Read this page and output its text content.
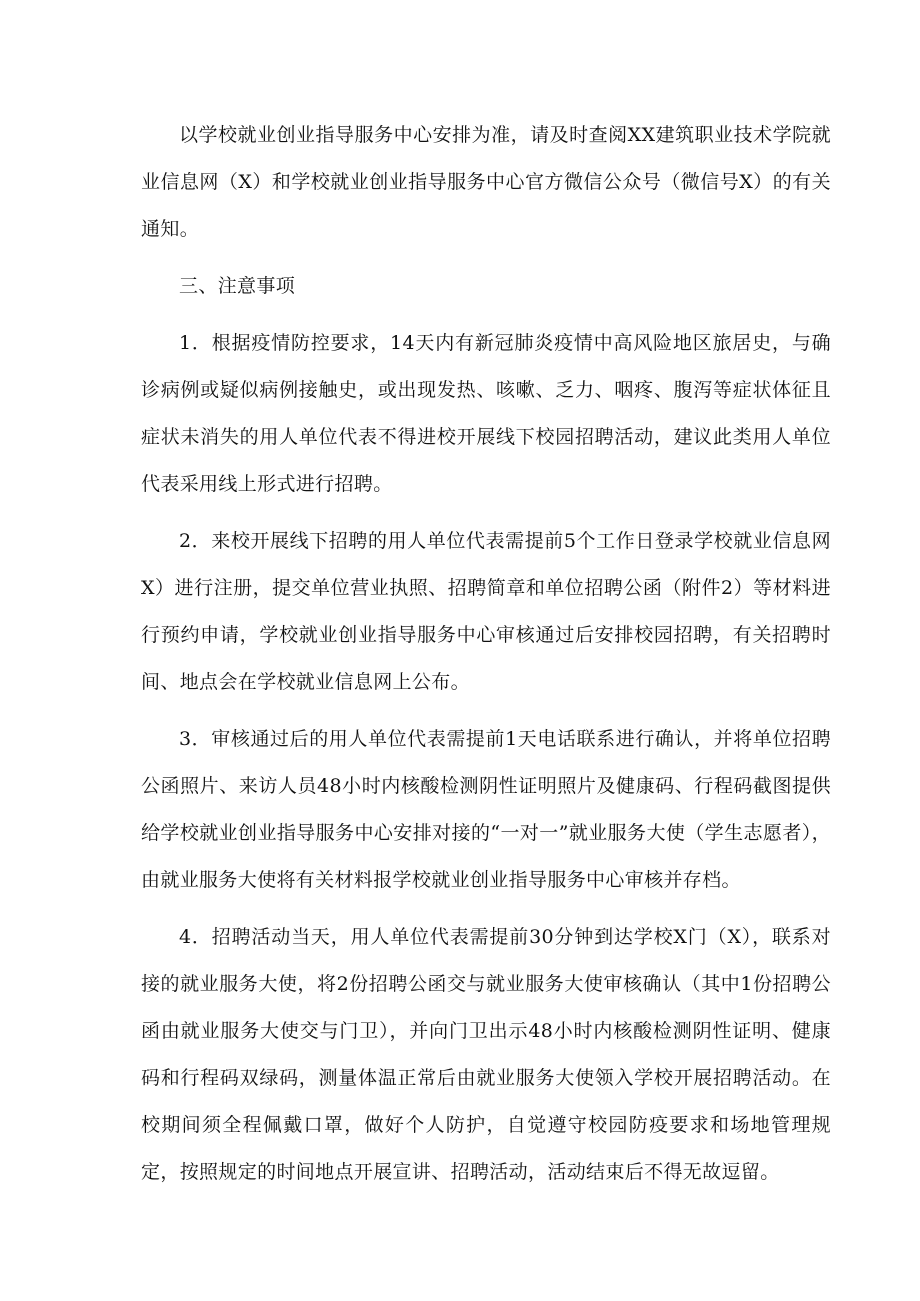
以学校就业创业指导服务中心安排为准，请及时查阅XX建筑职业技术学院就业信息网（X）和学校就业创业指导服务中心官方微信公众号（微信号X）的有关通知。

三、注意事项

1．根据疫情防控要求，14天内有新冠肺炎疫情中高风险地区旅居史，与确诊病例或疑似病例接触史，或出现发热、咳嗽、乏力、咽疼、腹泻等症状体征且症状未消失的用人单位代表不得进校开展线下校园招聘活动，建议此类用人单位代表采用线上形式进行招聘。

2．来校开展线下招聘的用人单位代表需提前5个工作日登录学校就业信息网X）进行注册，提交单位营业执照、招聘简章和单位招聘公函（附件2）等材料进行预约申请，学校就业创业指导服务中心审核通过后安排校园招聘，有关招聘时间、地点会在学校就业信息网上公布。

3．审核通过后的用人单位代表需提前1天电话联系进行确认，并将单位招聘公函照片、来访人员48小时内核酸检测阴性证明照片及健康码、行程码截图提供给学校就业创业指导服务中心安排对接的“一对一”就业服务大使（学生志愿者），由就业服务大使将有关材料报学校就业创业指导服务中心审核并存档。

4．招聘活动当天，用人单位代表需提前30分钟到达学校X门（X），联系对接的就业服务大使，将2份招聘公函交与就业服务大使审核确认（其中1份招聘公函由就业服务大使交与门卫），并向门卫出示48小时内核酸检测阴性证明、健康码和行程码双绿码，测量体温正常后由就业服务大使领入学校开展招聘活动。在校期间须全程佩戴口罩，做好个人防护，自觉遵守校园防疫要求和场地管理规定，按照规定的时间地点开展宣讲、招聘活动，活动结束后不得无故逗留。
